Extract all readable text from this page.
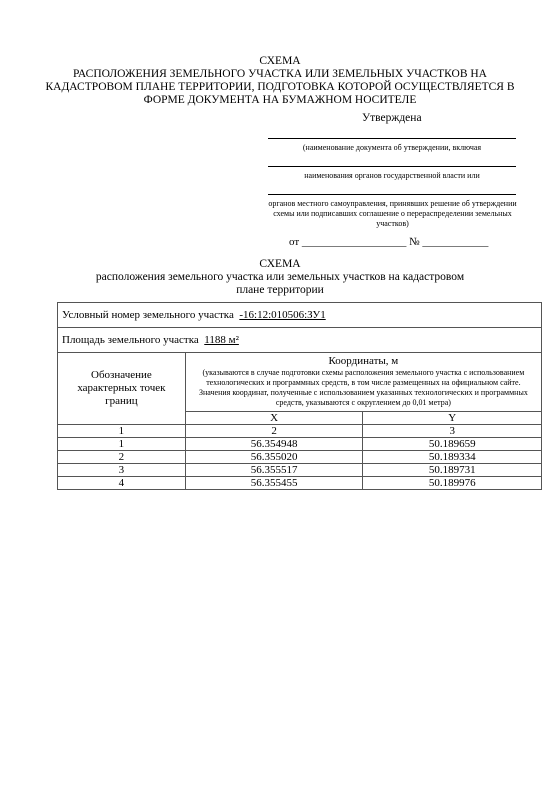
СХЕМА
РАСПОЛОЖЕНИЯ ЗЕМЕЛЬНОГО УЧАСТКА ИЛИ ЗЕМЕЛЬНЫХ УЧАСТКОВ НА
КАДАСТРОВОМ ПЛАНЕ ТЕРРИТОРИИ, ПОДГОТОВКА КОТОРОЙ ОСУЩЕСТВЛЯЕТСЯ В
ФОРМЕ ДОКУМЕНТА НА БУМАЖНОМ НОСИТЕЛЕ
Утверждена
(наименование документа об утверждении, включая
наименования органов государственной власти или
органов местного самоуправления, принявших решение об утверждении
схемы или подписавших соглашение о перераспределении земельных
участков)
от ___________________ № ____________
СХЕМА
расположения земельного участка или земельных участков на кадастровом
плане территории
Условный номер земельного участка -16:12:010506:ЗУ1		
Площадь земельного участка 1188 м²		
Обозначение характерных точек границ	Координаты, м
(указываются в случае подготовки схемы расположения земельного участка с использованием технологических и программных средств, в том числе размещенных на официальном сайте. Значения координат, полученные с использованием указанных технологических и программных средств, указываются с округлением до 0,01 метра)	

	X	Y
1	2	3
1	56.354948	50.189659
2	56.355020	50.189334
3	56.355517	50.189731
4	56.355455	50.189976
